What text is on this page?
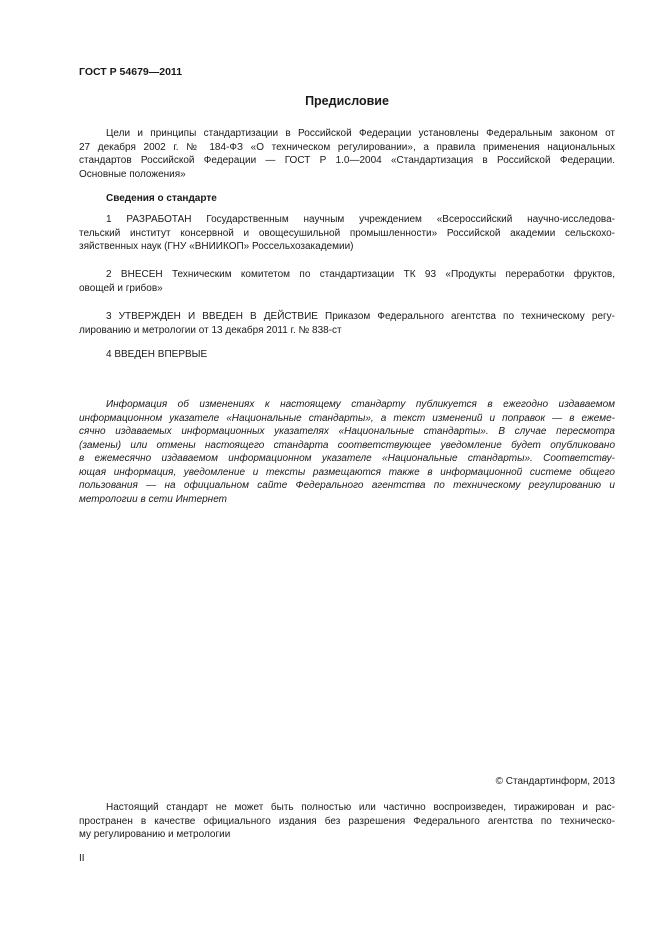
ГОСТ Р 54679—2011
Предисловие
Цели и принципы стандартизации в Российской Федерации установлены Федеральным законом от
27 декабря 2002 г. № 184-ФЗ «О техническом регулировании», а правила применения национальных
стандартов Российской Федерации — ГОСТ Р 1.0—2004 «Стандартизация в Российской Федерации.
Основные положения»
Сведения о стандарте
1 РАЗРАБОТАН Государственным научным учреждением «Всероссийский научно-исследова-
тельский институт консервной и овощесушильной промышленности» Российской академии сельскохо-
зяйственных наук (ГНУ «ВНИИКОП» Россельхозакадемии)
2 ВНЕСЕН Техническим комитетом по стандартизации ТК 93 «Продукты переработки фруктов,
овощей и грибов»
3 УТВЕРЖДЕН И ВВЕДЕН В ДЕЙСТВИЕ Приказом Федерального агентства по техническому регу-
лированию и метрологии от 13 декабря 2011 г. № 838-ст
4 ВВЕДЕН ВПЕРВЫЕ
Информация об изменениях к настоящему стандарту публикуется в ежегодно издаваемом
информационном указателе «Национальные стандарты», а текст изменений и поправок — в ежеме-
сячно издаваемых информационных указателях «Национальные стандарты». В случае пересмотра
(замены) или отмены настоящего стандарта соответствующее уведомление будет опубликовано
в ежемесячно издаваемом информационном указателе «Национальные стандарты». Соответству-
ющая информация, уведомление и тексты размещаются также в информационной системе общего
пользования — на официальном сайте Федерального агентства по техническому регулированию и
метрологии в сети Интернет
© Стандартинформ, 2013
Настоящий стандарт не может быть полностью или частично воспроизведен, тиражирован и рас-
пространен в качестве официального издания без разрешения Федерального агентства по техническо-
му регулированию и метрологии
II
